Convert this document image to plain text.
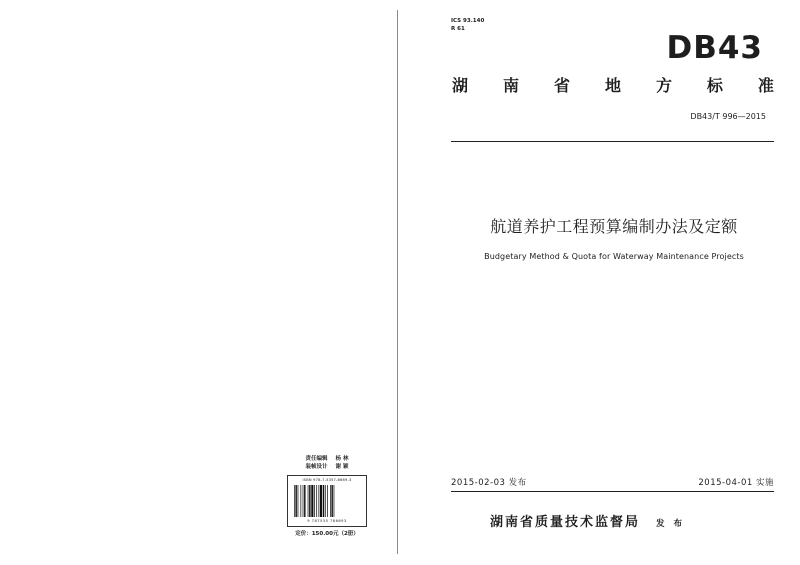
责任编辑 杨 林
装帧设计 谢 颖
ISBN 978-7-5357-8669-3
9 787535 786693
定价：150.00元（2册）
ICS 93.140
R 61
DB43
湖 南 省 地 方 标 准
DB43/T 996—2015
航道养护工程预算编制办法及定额
Budgetary Method & Quota for Waterway Maintenance Projects
2015-02-03 发布	2015-04-01 实施
湖南省质量技术监督局 发 布
